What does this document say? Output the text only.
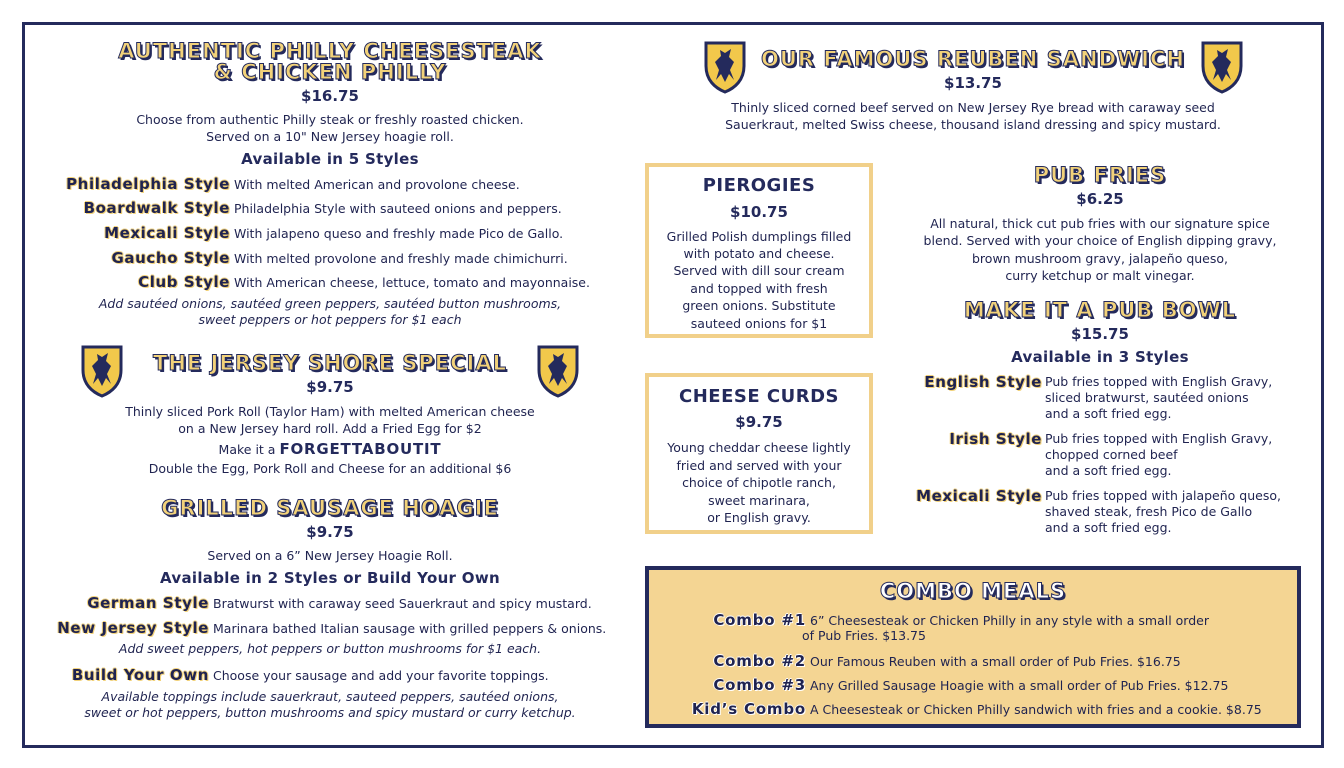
AUTHENTIC PHILLY CHEESESTEAK
& CHICKEN PHILLY
$16.75
Choose from authentic Philly steak or freshly roasted chicken.
Served on a 10" New Jersey hoagie roll.
Available in 5 Styles
Philadelphia Style With melted American and provolone cheese.
Boardwalk Style Philadelphia Style with sauteed onions and peppers.
Mexicali Style With jalapeno queso and freshly made Pico de Gallo.
Gaucho Style With melted provolone and freshly made chimichurri.
Club Style With American cheese, lettuce, tomato and mayonnaise.
Add sautéed onions, sautéed green peppers, sautéed button mushrooms,
sweet peppers or hot peppers for $1 each
THE JERSEY SHORE SPECIAL
$9.75
Thinly sliced Pork Roll (Taylor Ham) with melted American cheese
on a New Jersey hard roll. Add a Fried Egg for $2
Make it a FORGETTABOUTIT
Double the Egg, Pork Roll and Cheese for an additional $6
GRILLED SAUSAGE HOAGIE
$9.75
Served on a 6” New Jersey Hoagie Roll.
Available in 2 Styles or Build Your Own
German Style Bratwurst with caraway seed Sauerkraut and spicy mustard.
New Jersey Style Marinara bathed Italian sausage with grilled peppers & onions.
Add sweet peppers, hot peppers or button mushrooms for $1 each.
Build Your Own Choose your sausage and add your favorite toppings.
Available toppings include sauerkraut, sauteed peppers, sautéed onions,
sweet or hot peppers, button mushrooms and spicy mustard or curry ketchup.
OUR FAMOUS REUBEN SANDWICH
$13.75
Thinly sliced corned beef served on New Jersey Rye bread with caraway seed
Sauerkraut, melted Swiss cheese, thousand island dressing and spicy mustard.
PIEROGIES
$10.75
Grilled Polish dumplings filled
with potato and cheese.
Served with dill sour cream
and topped with fresh
green onions. Substitute
sauteed onions for $1
CHEESE CURDS
$9.75
Young cheddar cheese lightly
fried and served with your
choice of chipotle ranch,
sweet marinara,
or English gravy.
PUB FRIES
$6.25
All natural, thick cut pub fries with our signature spice
blend. Served with your choice of English dipping gravy,
brown mushroom gravy, jalapeño queso,
curry ketchup or malt vinegar.
MAKE IT A PUB BOWL
$15.75
Available in 3 Styles
English Style Pub fries topped with English Gravy,
sliced bratwurst, sautéed onions
and a soft fried egg.
Irish Style Pub fries topped with English Gravy,
chopped corned beef
and a soft fried egg.
Mexicali Style Pub fries topped with jalapeño queso,
shaved steak, fresh Pico de Gallo
and a soft fried egg.
COMBO MEALS
Combo #1 6” Cheesesteak or Chicken Philly in any style with a small order
of Pub Fries. $13.75
Combo #2 Our Famous Reuben with a small order of Pub Fries. $16.75
Combo #3 Any Grilled Sausage Hoagie with a small order of Pub Fries. $12.75
Kid’s Combo A Cheesesteak or Chicken Philly sandwich with fries and a cookie. $8.75
